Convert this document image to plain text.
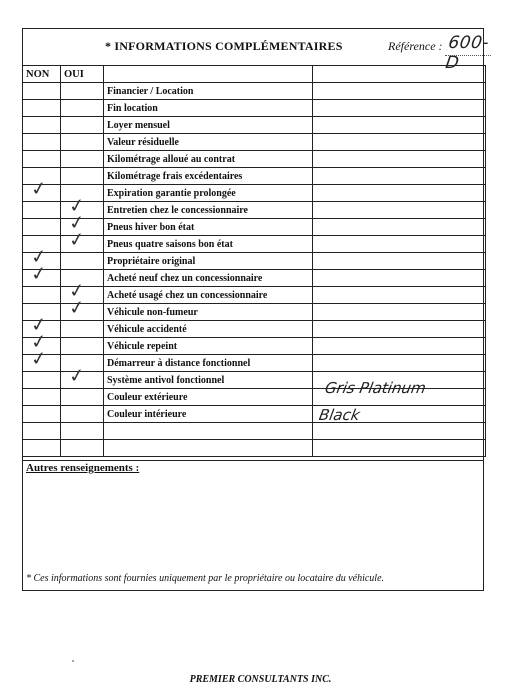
* INFORMATIONS COMPLÉMENTAIRES	Référence : 600-D
NON	OUI		

	Financier / Location	

	Fin location	

	Loyer mensuel	

	Valeur résiduelle	

	Kilométrage alloué au contrat	

	Kilométrage frais excédentaires	

✓		Expiration garantie prolongée	

	✓	Entretien chez le concessionnaire	

	✓	Pneus hiver bon état	

	✓	Pneus quatre saisons bon état	

✓		Propriétaire original	

✓		Acheté neuf chez un concessionnaire	

	✓	Acheté usagé chez un concessionnaire	

	✓	Véhicule non-fumeur	

✓		Véhicule accidenté	

✓		Véhicule repeint	

✓		Démarreur à distance fonctionnel	

	✓	Système antivol fonctionnel	

	Couleur extérieure	Gris Platinum

	Couleur intérieure	Black

Autres renseignements :
* Ces informations sont fournies uniquement par le propriétaire ou locataire du véhicule.
PREMIER CONSULTANTS INC.
